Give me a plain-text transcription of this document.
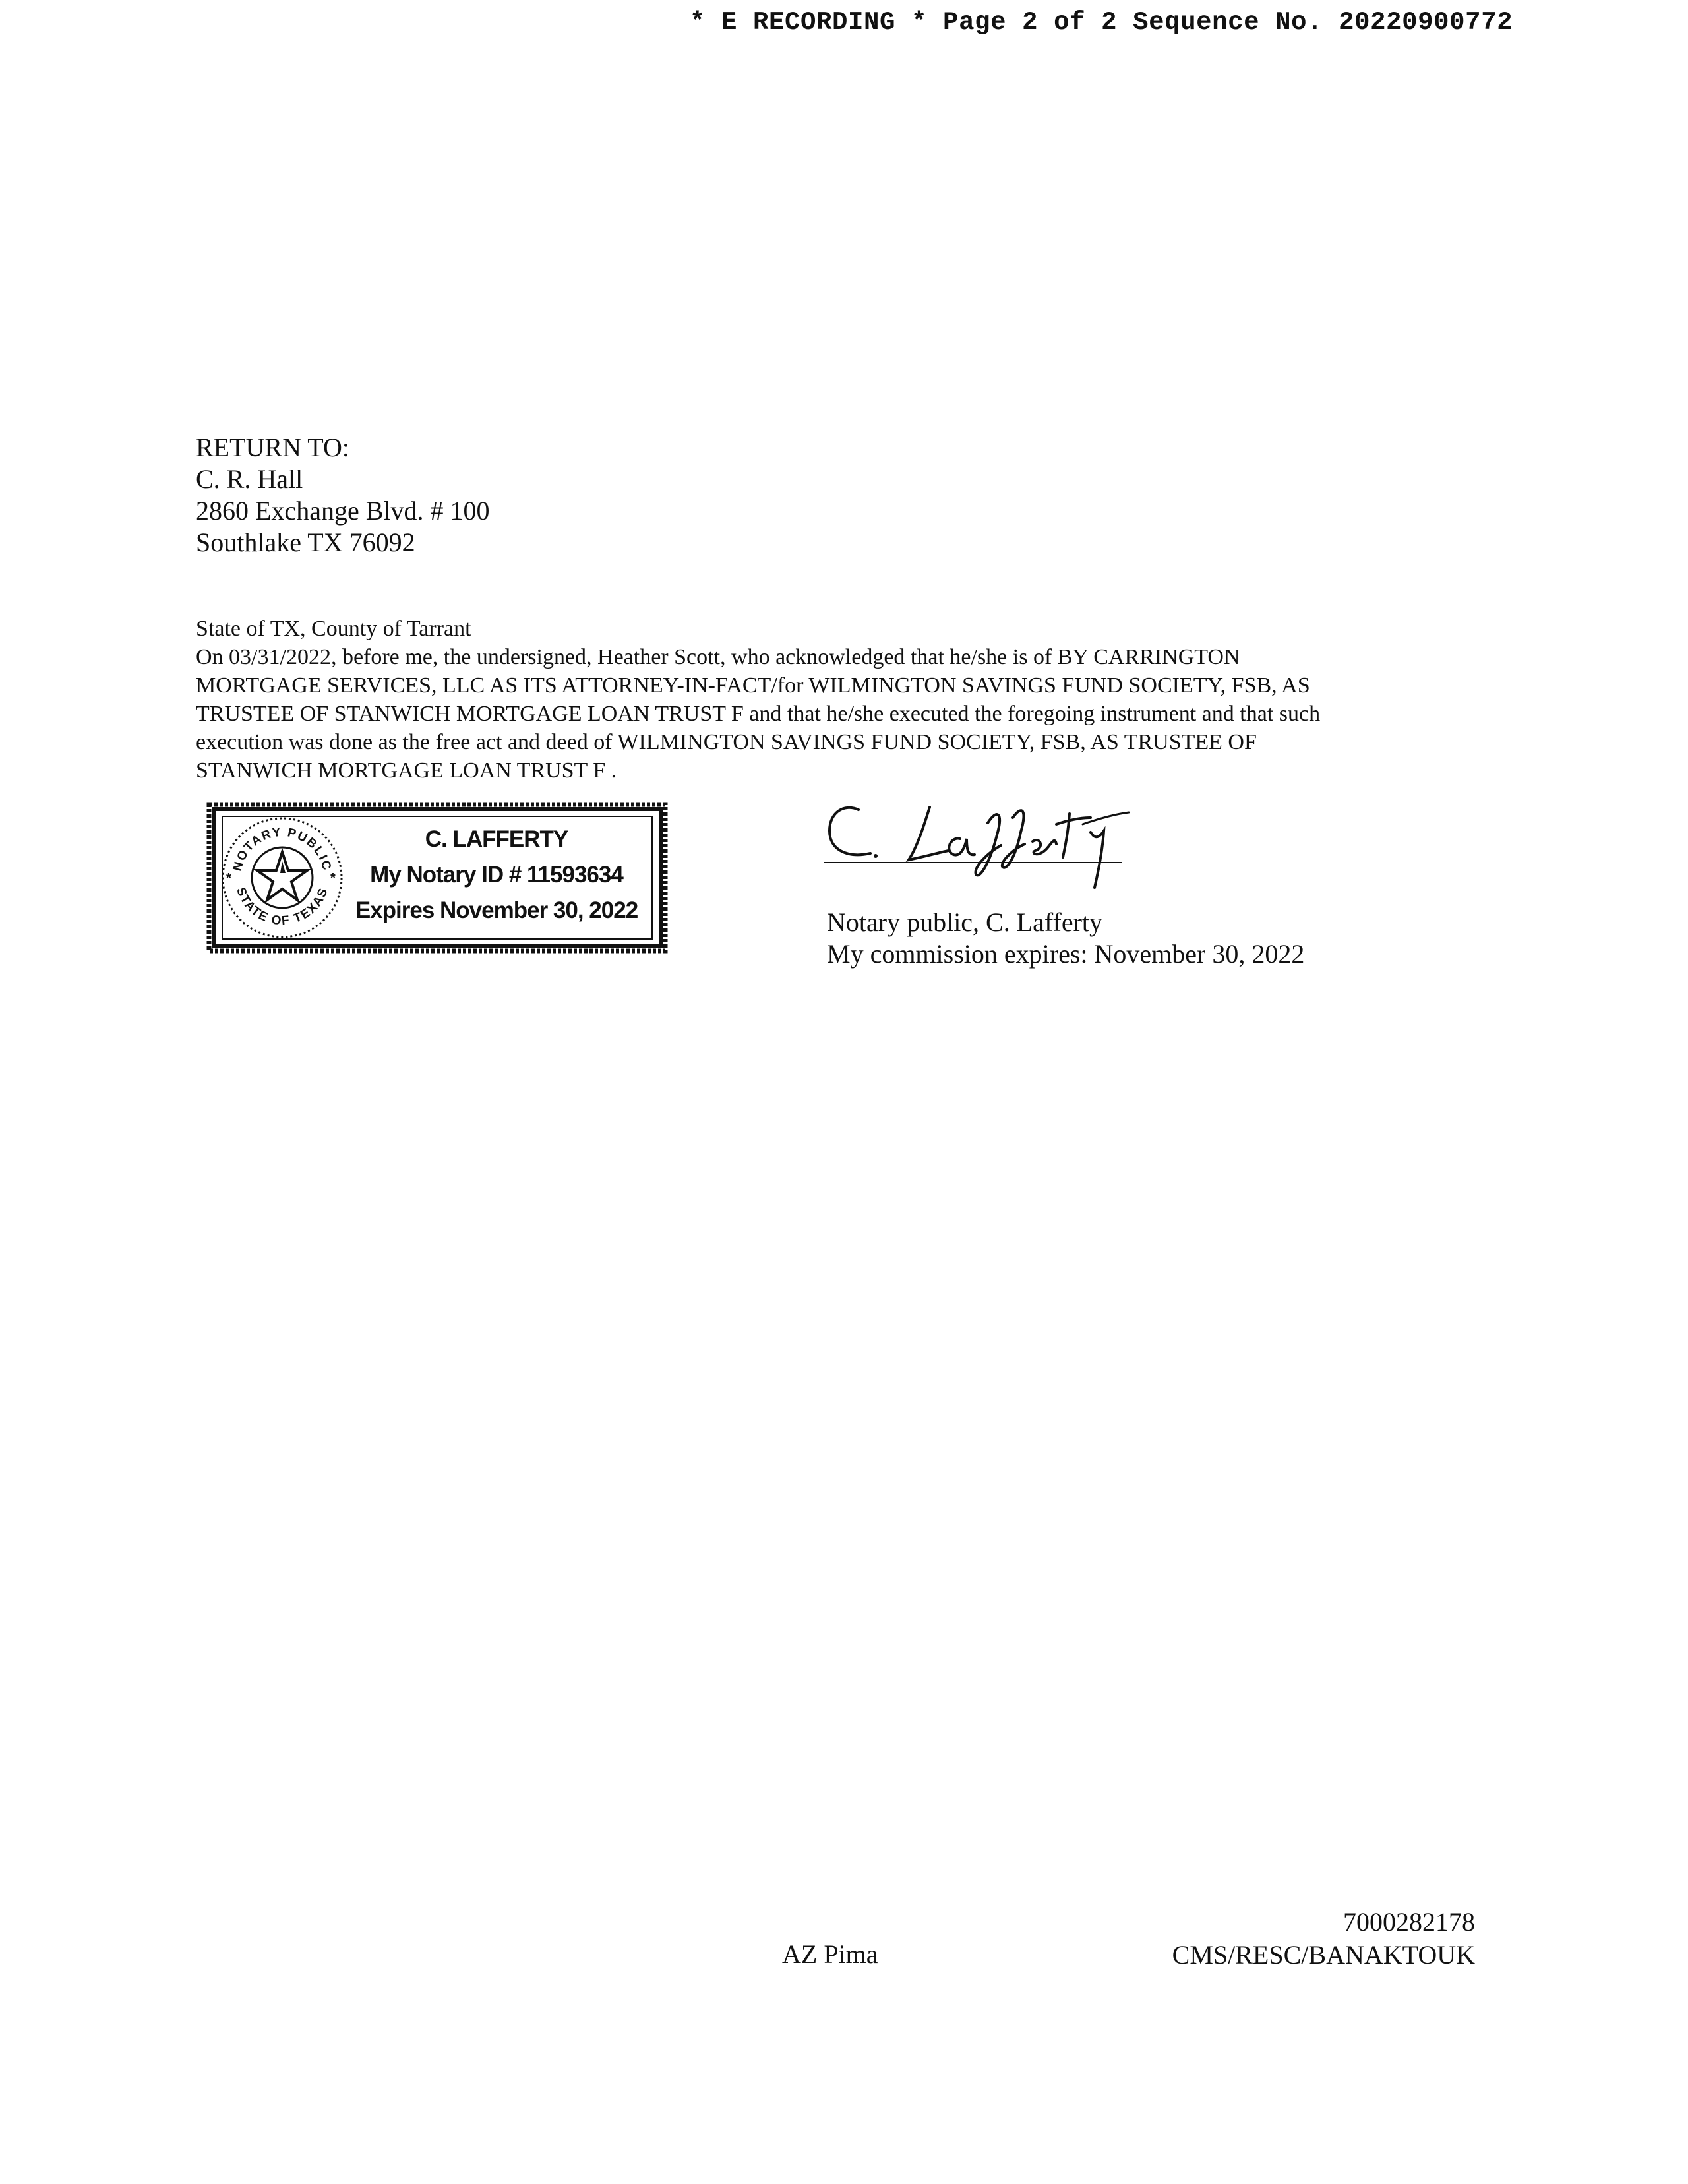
* E RECORDING * Page 2 of 2 Sequence No. 20220900772
RETURN TO:
C. R. Hall
2860 Exchange Blvd. # 100
Southlake TX 76092
State of TX, County of Tarrant
On 03/31/2022, before me, the undersigned, Heather Scott, who acknowledged that he/she is of BY CARRINGTON
MORTGAGE SERVICES, LLC AS ITS ATTORNEY-IN-FACT/for WILMINGTON SAVINGS FUND SOCIETY, FSB, AS
TRUSTEE OF STANWICH MORTGAGE LOAN TRUST F and that he/she executed the foregoing instrument and that such
execution was done as the free act and deed of WILMINGTON SAVINGS FUND SOCIETY, FSB, AS TRUSTEE OF
STANWICH MORTGAGE LOAN TRUST F .
NOTARY PUBLIC
STATE OF TEXAS
*	*
C. LAFFERTY
My Notary ID # 11593634
Expires November 30, 2022	Notary public, C. Lafferty
My commission expires: November 30, 2022
AZ Pima
7000282178
CMS/RESC/BANAKTOUK
